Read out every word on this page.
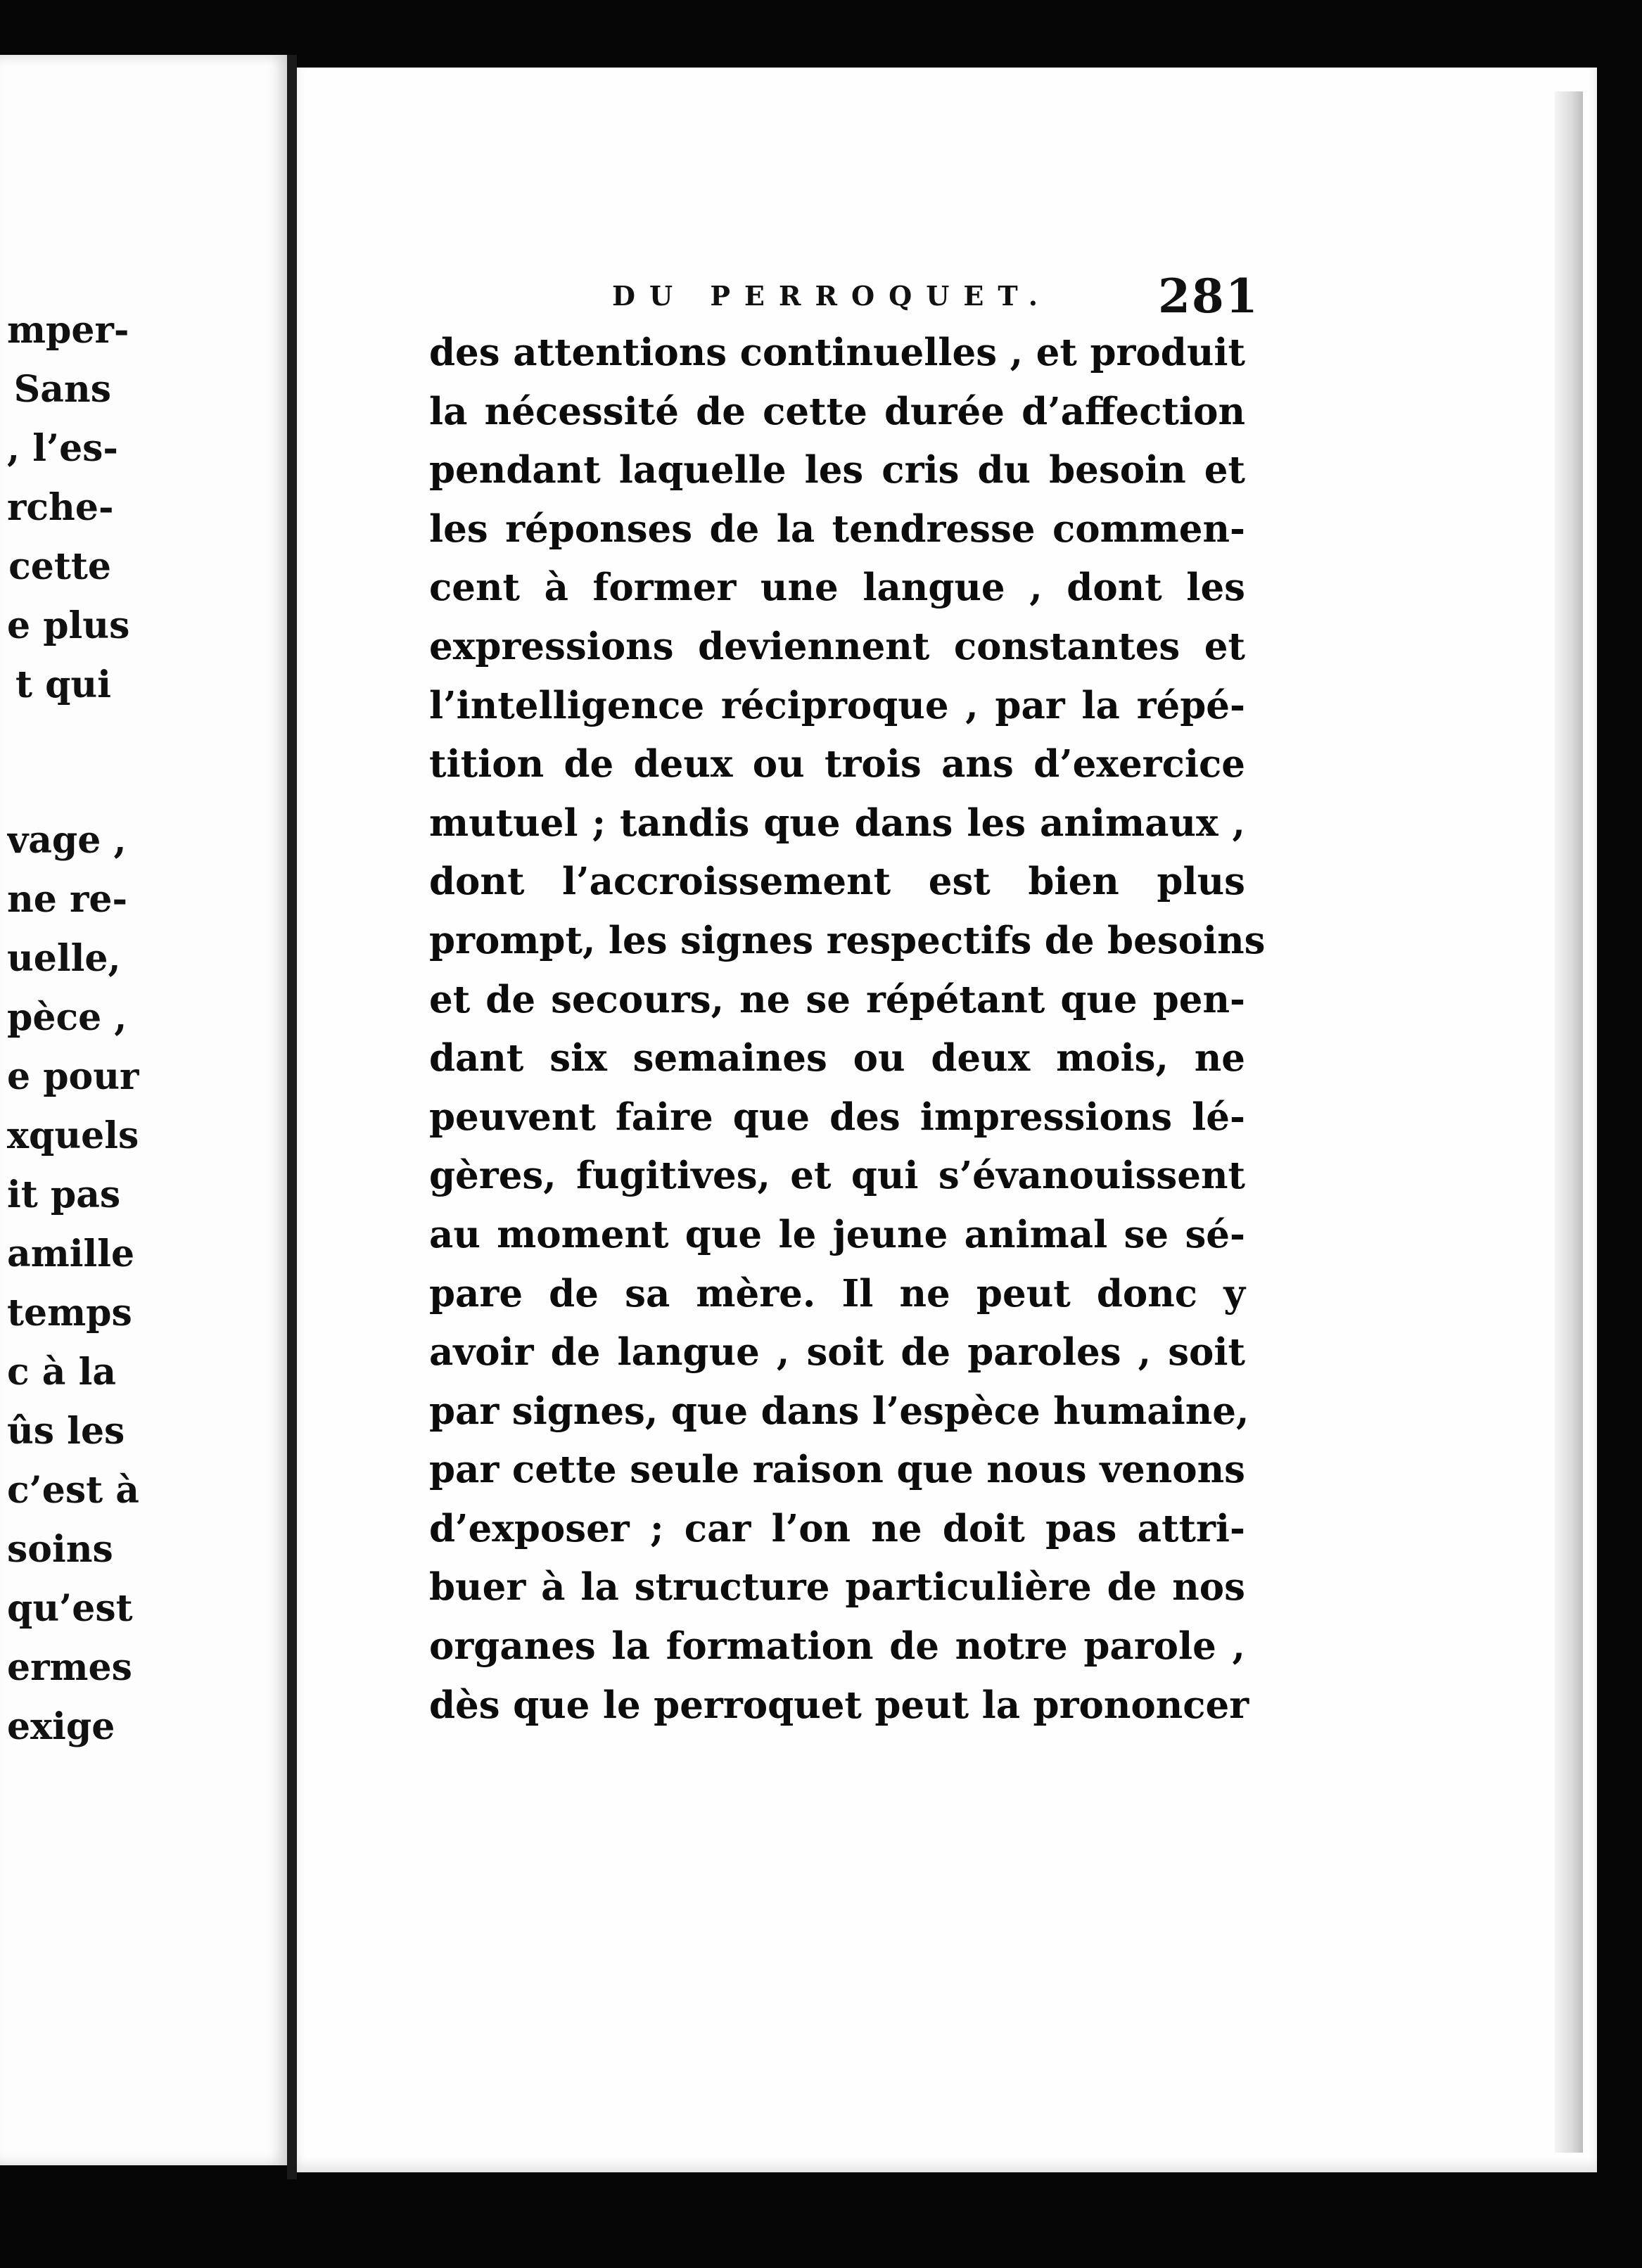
mper-
Sans
, l’es-
rche-
cette
e plus
t qui
vage ,
ne re-
uelle,
pèce ,
e pour
xquels
it pas
amille
temps
c à la
ûs les
c’est à
soins
qu’est
ermes
exige
DU PERROQUET. 281
des attentions continuelles , et produit
la nécessité de cette durée d’affection
pendant laquelle les cris du besoin et
les réponses de la tendresse commen-
cent à former une langue , dont les
expressions deviennent constantes et
l’intelligence réciproque , par la répé-
tition de deux ou trois ans d’exercice
mutuel ; tandis que dans les animaux ,
dont l’accroissement est bien plus
prompt, les signes respectifs de besoins
et de secours, ne se répétant que pen-
dant six semaines ou deux mois, ne
peuvent faire que des impressions lé-
gères, fugitives, et qui s’évanouissent
au moment que le jeune animal se sé-
pare de sa mère. Il ne peut donc y
avoir de langue , soit de paroles , soit
par signes, que dans l’espèce humaine,
par cette seule raison que nous venons
d’exposer ; car l’on ne doit pas attri-
buer à la structure particulière de nos
organes la formation de notre parole ,
dès que le perroquet peut la prononcer
